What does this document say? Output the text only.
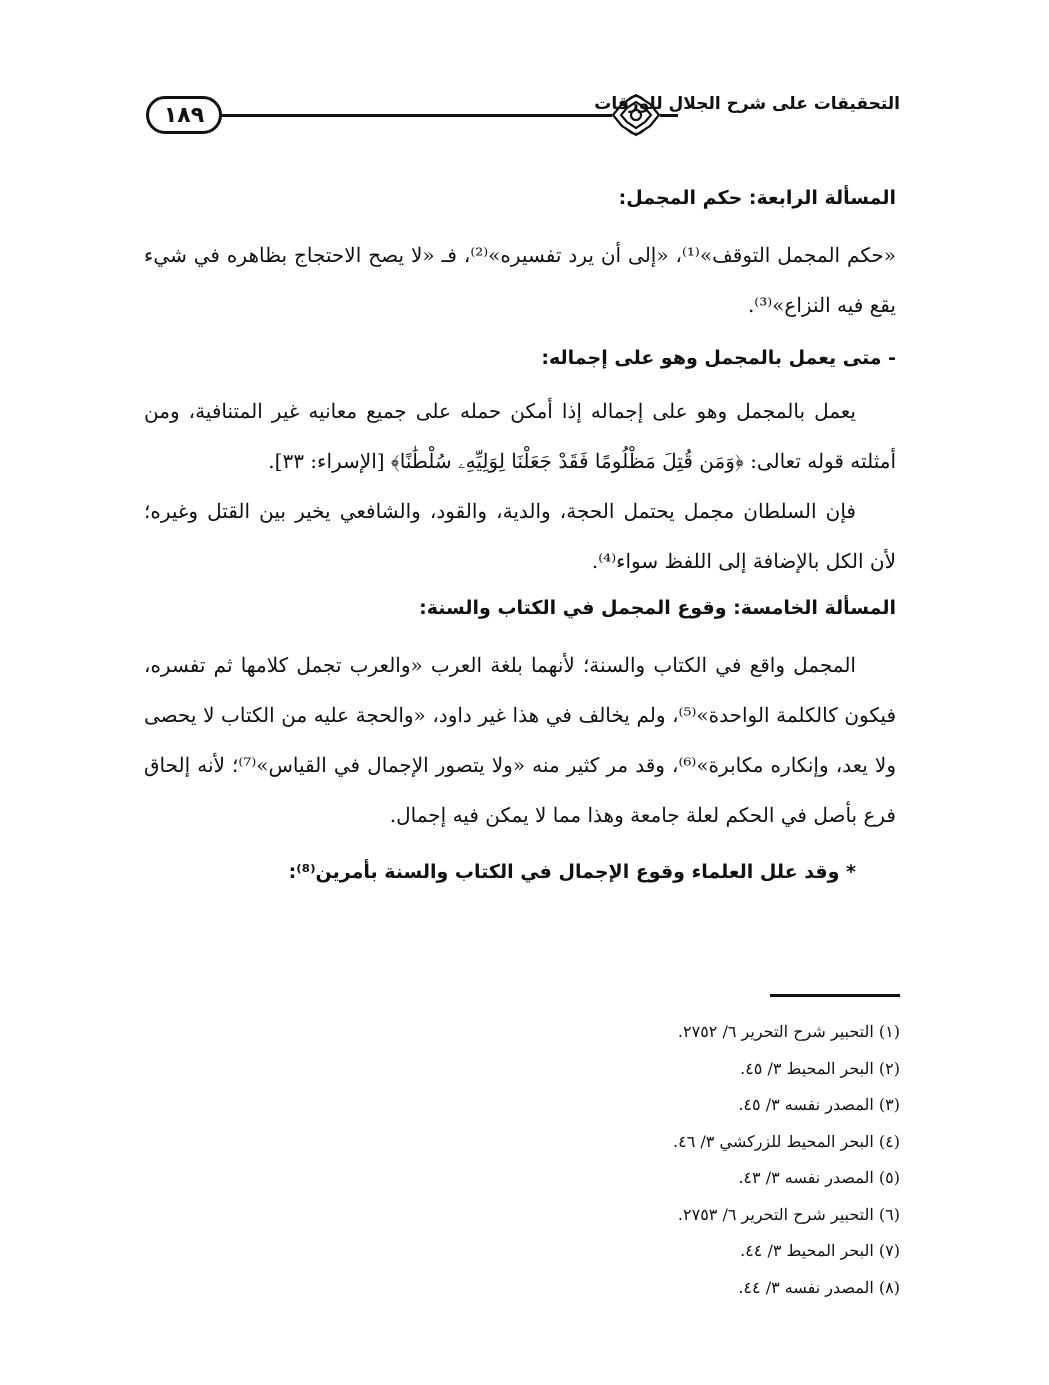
١٨٩	التحقيقات على شرح الجلال للورقات

المسألة الرابعة: حكم المجمل:

«حكم المجمل التوقف»⁽¹⁾، «إلى أن يرد تفسيره»⁽²⁾، فـ «لا يصح الاحتجاج بظاهره في شيء يقع فيه النزاع»⁽³⁾.

- متى يعمل بالمجمل وهو على إجماله:

يعمل بالمجمل وهو على إجماله إذا أمكن حمله على جميع معانيه غير المتنافية، ومن أمثلته قوله تعالى: ﴿وَمَن قُتِلَ مَظْلُومًا فَقَدْ جَعَلْنَا لِوَلِيِّهِۦ سُلْطَٰنًا﴾ [الإسراء: ٣٣].

فإن السلطان مجمل يحتمل الحجة، والدية، والقود، والشافعي يخير بين القتل وغيره؛ لأن الكل بالإضافة إلى اللفظ سواء⁽⁴⁾.

المسألة الخامسة: وقوع المجمل في الكتاب والسنة:

المجمل واقع في الكتاب والسنة؛ لأنهما بلغة العرب «والعرب تجمل كلامها ثم تفسره، فيكون كالكلمة الواحدة»⁽⁵⁾، ولم يخالف في هذا غير داود، «والحجة عليه من الكتاب لا يحصى ولا يعد، وإنكاره مكابرة»⁽⁶⁾، وقد مر كثير منه «ولا يتصور الإجمال في القياس»⁽⁷⁾؛ لأنه إلحاق فرع بأصل في الحكم لعلة جامعة وهذا مما لا يمكن فيه إجمال.

* وقد علل العلماء وقوع الإجمال في الكتاب والسنة بأمرين⁽⁸⁾:

(١) التحبير شرح التحرير ٦/ ٢٧٥٢.
(٢) البحر المحيط ٣/ ٤٥.
(٣) المصدر نفسه ٣/ ٤٥.
(٤) البحر المحيط للزركشي ٣/ ٤٦.
(٥) المصدر نفسه ٣/ ٤٣.
(٦) التحبير شرح التحرير ٦/ ٢٧٥٣.
(٧) البحر المحيط ٣/ ٤٤.
(٨) المصدر نفسه ٣/ ٤٤.
